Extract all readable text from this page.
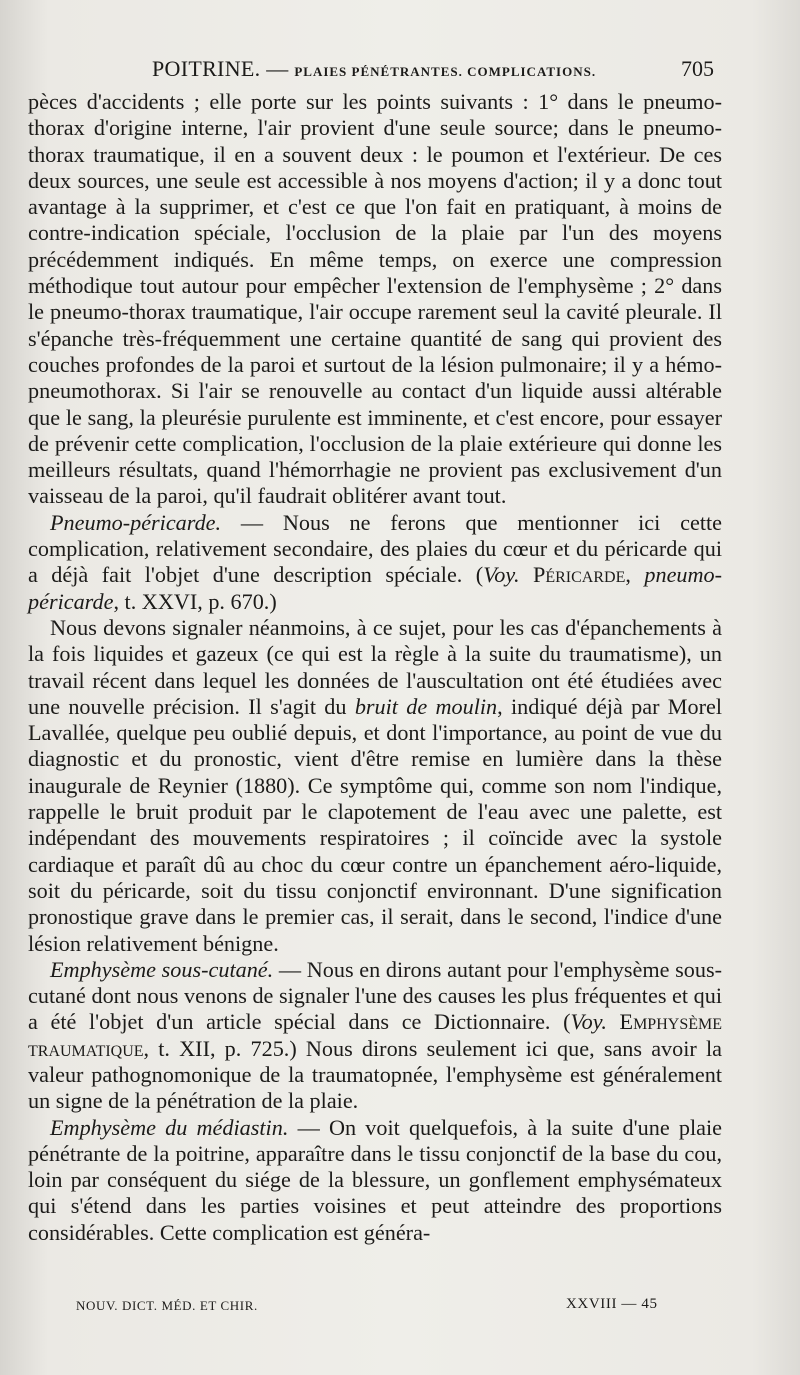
POITRINE. — PLAIES PÉNÉTRANTES. COMPLICATIONS.	705

pèces d'accidents ; elle porte sur les points suivants : 1° dans le pneumo-thorax d'origine interne, l'air provient d'une seule source; dans le pneumo-thorax traumatique, il en a souvent deux : le poumon et l'extérieur. De ces deux sources, une seule est accessible à nos moyens d'action; il y a donc tout avantage à la supprimer, et c'est ce que l'on fait en pratiquant, à moins de contre-indication spéciale, l'occlusion de la plaie par l'un des moyens précédemment indiqués. En même temps, on exerce une compression méthodique tout autour pour empêcher l'extension de l'emphysème ; 2° dans le pneumo-thorax traumatique, l'air occupe rarement seul la cavité pleurale. Il s'épanche très-fréquemment une certaine quantité de sang qui provient des couches profondes de la paroi et surtout de la lésion pulmonaire; il y a hémo-pneumothorax. Si l'air se renouvelle au contact d'un liquide aussi altérable que le sang, la pleurésie purulente est imminente, et c'est encore, pour essayer de prévenir cette complication, l'occlusion de la plaie extérieure qui donne les meilleurs résultats, quand l'hémorrhagie ne provient pas exclusivement d'un vaisseau de la paroi, qu'il faudrait oblitérer avant tout.

Pneumo-péricarde. — Nous ne ferons que mentionner ici cette complication, relativement secondaire, des plaies du cœur et du péricarde qui a déjà fait l'objet d'une description spéciale. (Voy. Péricarde, pneumo-péricarde, t. XXVI, p. 670.)

Nous devons signaler néanmoins, à ce sujet, pour les cas d'épanchements à la fois liquides et gazeux (ce qui est la règle à la suite du traumatisme), un travail récent dans lequel les données de l'auscultation ont été étudiées avec une nouvelle précision. Il s'agit du bruit de moulin, indiqué déjà par Morel Lavallée, quelque peu oublié depuis, et dont l'importance, au point de vue du diagnostic et du pronostic, vient d'être remise en lumière dans la thèse inaugurale de Reynier (1880). Ce symptôme qui, comme son nom l'indique, rappelle le bruit produit par le clapotement de l'eau avec une palette, est indépendant des mouvements respiratoires ; il coïncide avec la systole cardiaque et paraît dû au choc du cœur contre un épanchement aéro-liquide, soit du péricarde, soit du tissu conjonctif environnant. D'une signification pronostique grave dans le premier cas, il serait, dans le second, l'indice d'une lésion relativement bénigne.

Emphysème sous-cutané. — Nous en dirons autant pour l'emphysème sous-cutané dont nous venons de signaler l'une des causes les plus fréquentes et qui a été l'objet d'un article spécial dans ce Dictionnaire. (Voy. Emphysème traumatique, t. XII, p. 725.) Nous dirons seulement ici que, sans avoir la valeur pathognomonique de la traumatopnée, l'emphysème est généralement un signe de la pénétration de la plaie.

Emphysème du médiastin. — On voit quelquefois, à la suite d'une plaie pénétrante de la poitrine, apparaître dans le tissu conjonctif de la base du cou, loin par conséquent du siége de la blessure, un gonflement emphysémateux qui s'étend dans les parties voisines et peut atteindre des proportions considérables. Cette complication est généra-

NOUV. DICT. MÉD. ET CHIR.	XXVIII — 45
